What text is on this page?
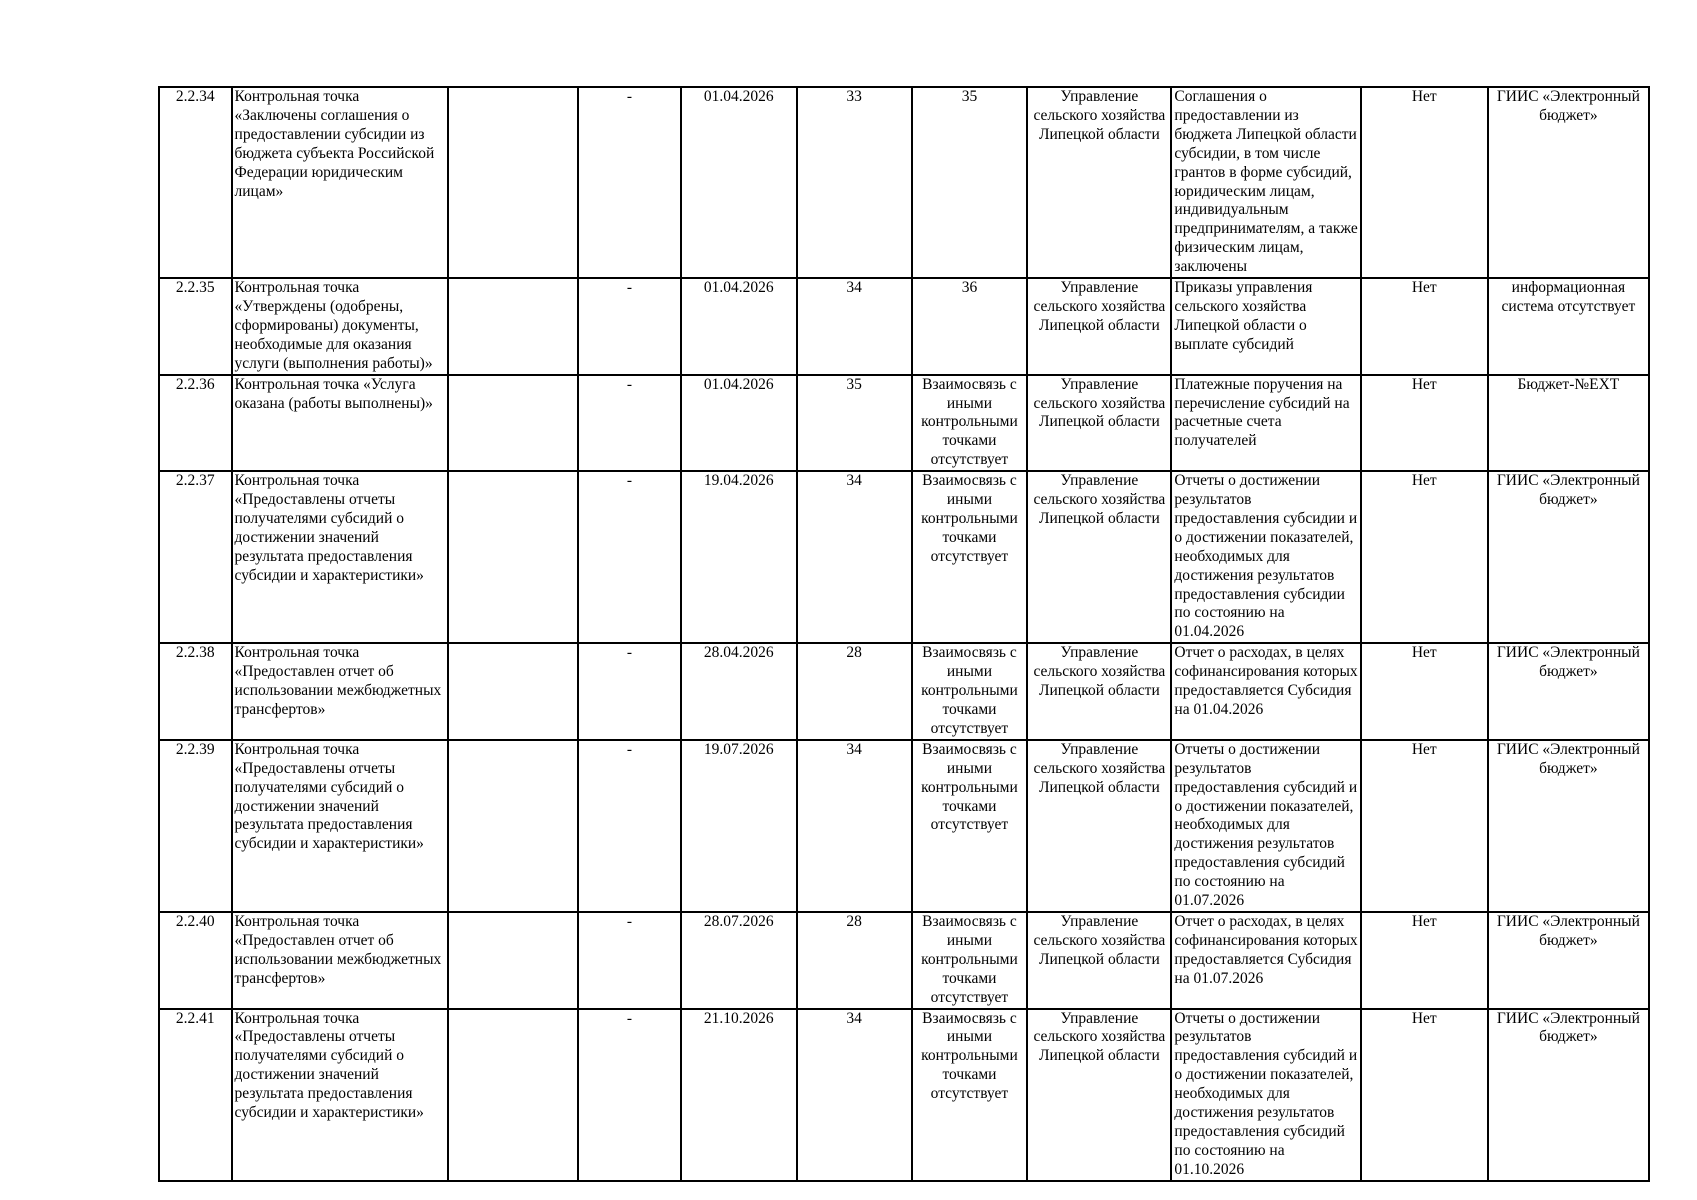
2.2.34	Контрольная точка «Заключены соглашения о предоставлении субсидии из бюджета субъекта Российской Федерации юридическим лицам»		-	01.04.2026	33	35	Управление сельского хозяйства Липецкой области	Соглашения о предоставлении из бюджета Липецкой области субсидии, в том числе грантов в форме субсидий, юридическим лицам, индивидуальным предпринимателям, а также физическим лицам, заключены	Нет	ГИИС «Электронный бюджет»
2.2.35	Контрольная точка «Утверждены (одобрены, сформированы) документы, необходимые для оказания услуги (выполнения работы)»		-	01.04.2026	34	36	Управление сельского хозяйства Липецкой области	Приказы управления сельского хозяйства Липецкой области о выплате субсидий	Нет	информационная система отсутствует
2.2.36	Контрольная точка «Услуга оказана (работы выполнены)»		-	01.04.2026	35	Взаимосвязь с иными контрольными точками отсутствует	Управление сельского хозяйства Липецкой области	Платежные поручения на перечисление субсидий на расчетные счета получателей	Нет	Бюджет-№EXT
2.2.37	Контрольная точка «Предоставлены отчеты получателями субсидий о достижении значений результата предоставления субсидии и характеристики»		-	19.04.2026	34	Взаимосвязь с иными контрольными точками отсутствует	Управление сельского хозяйства Липецкой области	Отчеты о достижении результатов предоставления субсидии и о достижении показателей, необходимых для достижения результатов предоставления субсидии по состоянию на 01.04.2026	Нет	ГИИС «Электронный бюджет»
2.2.38	Контрольная точка «Предоставлен отчет об использовании межбюджетных трансфертов»		-	28.04.2026	28	Взаимосвязь с иными контрольными точками отсутствует	Управление сельского хозяйства Липецкой области	Отчет о расходах, в целях софинансирования которых предоставляется Субсидия на 01.04.2026	Нет	ГИИС «Электронный бюджет»
2.2.39	Контрольная точка «Предоставлены отчеты получателями субсидий о достижении значений результата предоставления субсидии и характеристики»		-	19.07.2026	34	Взаимосвязь с иными контрольными точками отсутствует	Управление сельского хозяйства Липецкой области	Отчеты о достижении результатов предоставления субсидий и о достижении показателей, необходимых для достижения результатов предоставления субсидий по состоянию на 01.07.2026	Нет	ГИИС «Электронный бюджет»
2.2.40	Контрольная точка «Предоставлен отчет об использовании межбюджетных трансфертов»		-	28.07.2026	28	Взаимосвязь с иными контрольными точками отсутствует	Управление сельского хозяйства Липецкой области	Отчет о расходах, в целях софинансирования которых предоставляется Субсидия на 01.07.2026	Нет	ГИИС «Электронный бюджет»
2.2.41	Контрольная точка «Предоставлены отчеты получателями субсидий о достижении значений результата предоставления субсидии и характеристики»		-	21.10.2026	34	Взаимосвязь с иными контрольными точками отсутствует	Управление сельского хозяйства Липецкой области	Отчеты о достижении результатов предоставления субсидий и о достижении показателей, необходимых для достижения результатов предоставления субсидий по состоянию на 01.10.2026	Нет	ГИИС «Электронный бюджет»
